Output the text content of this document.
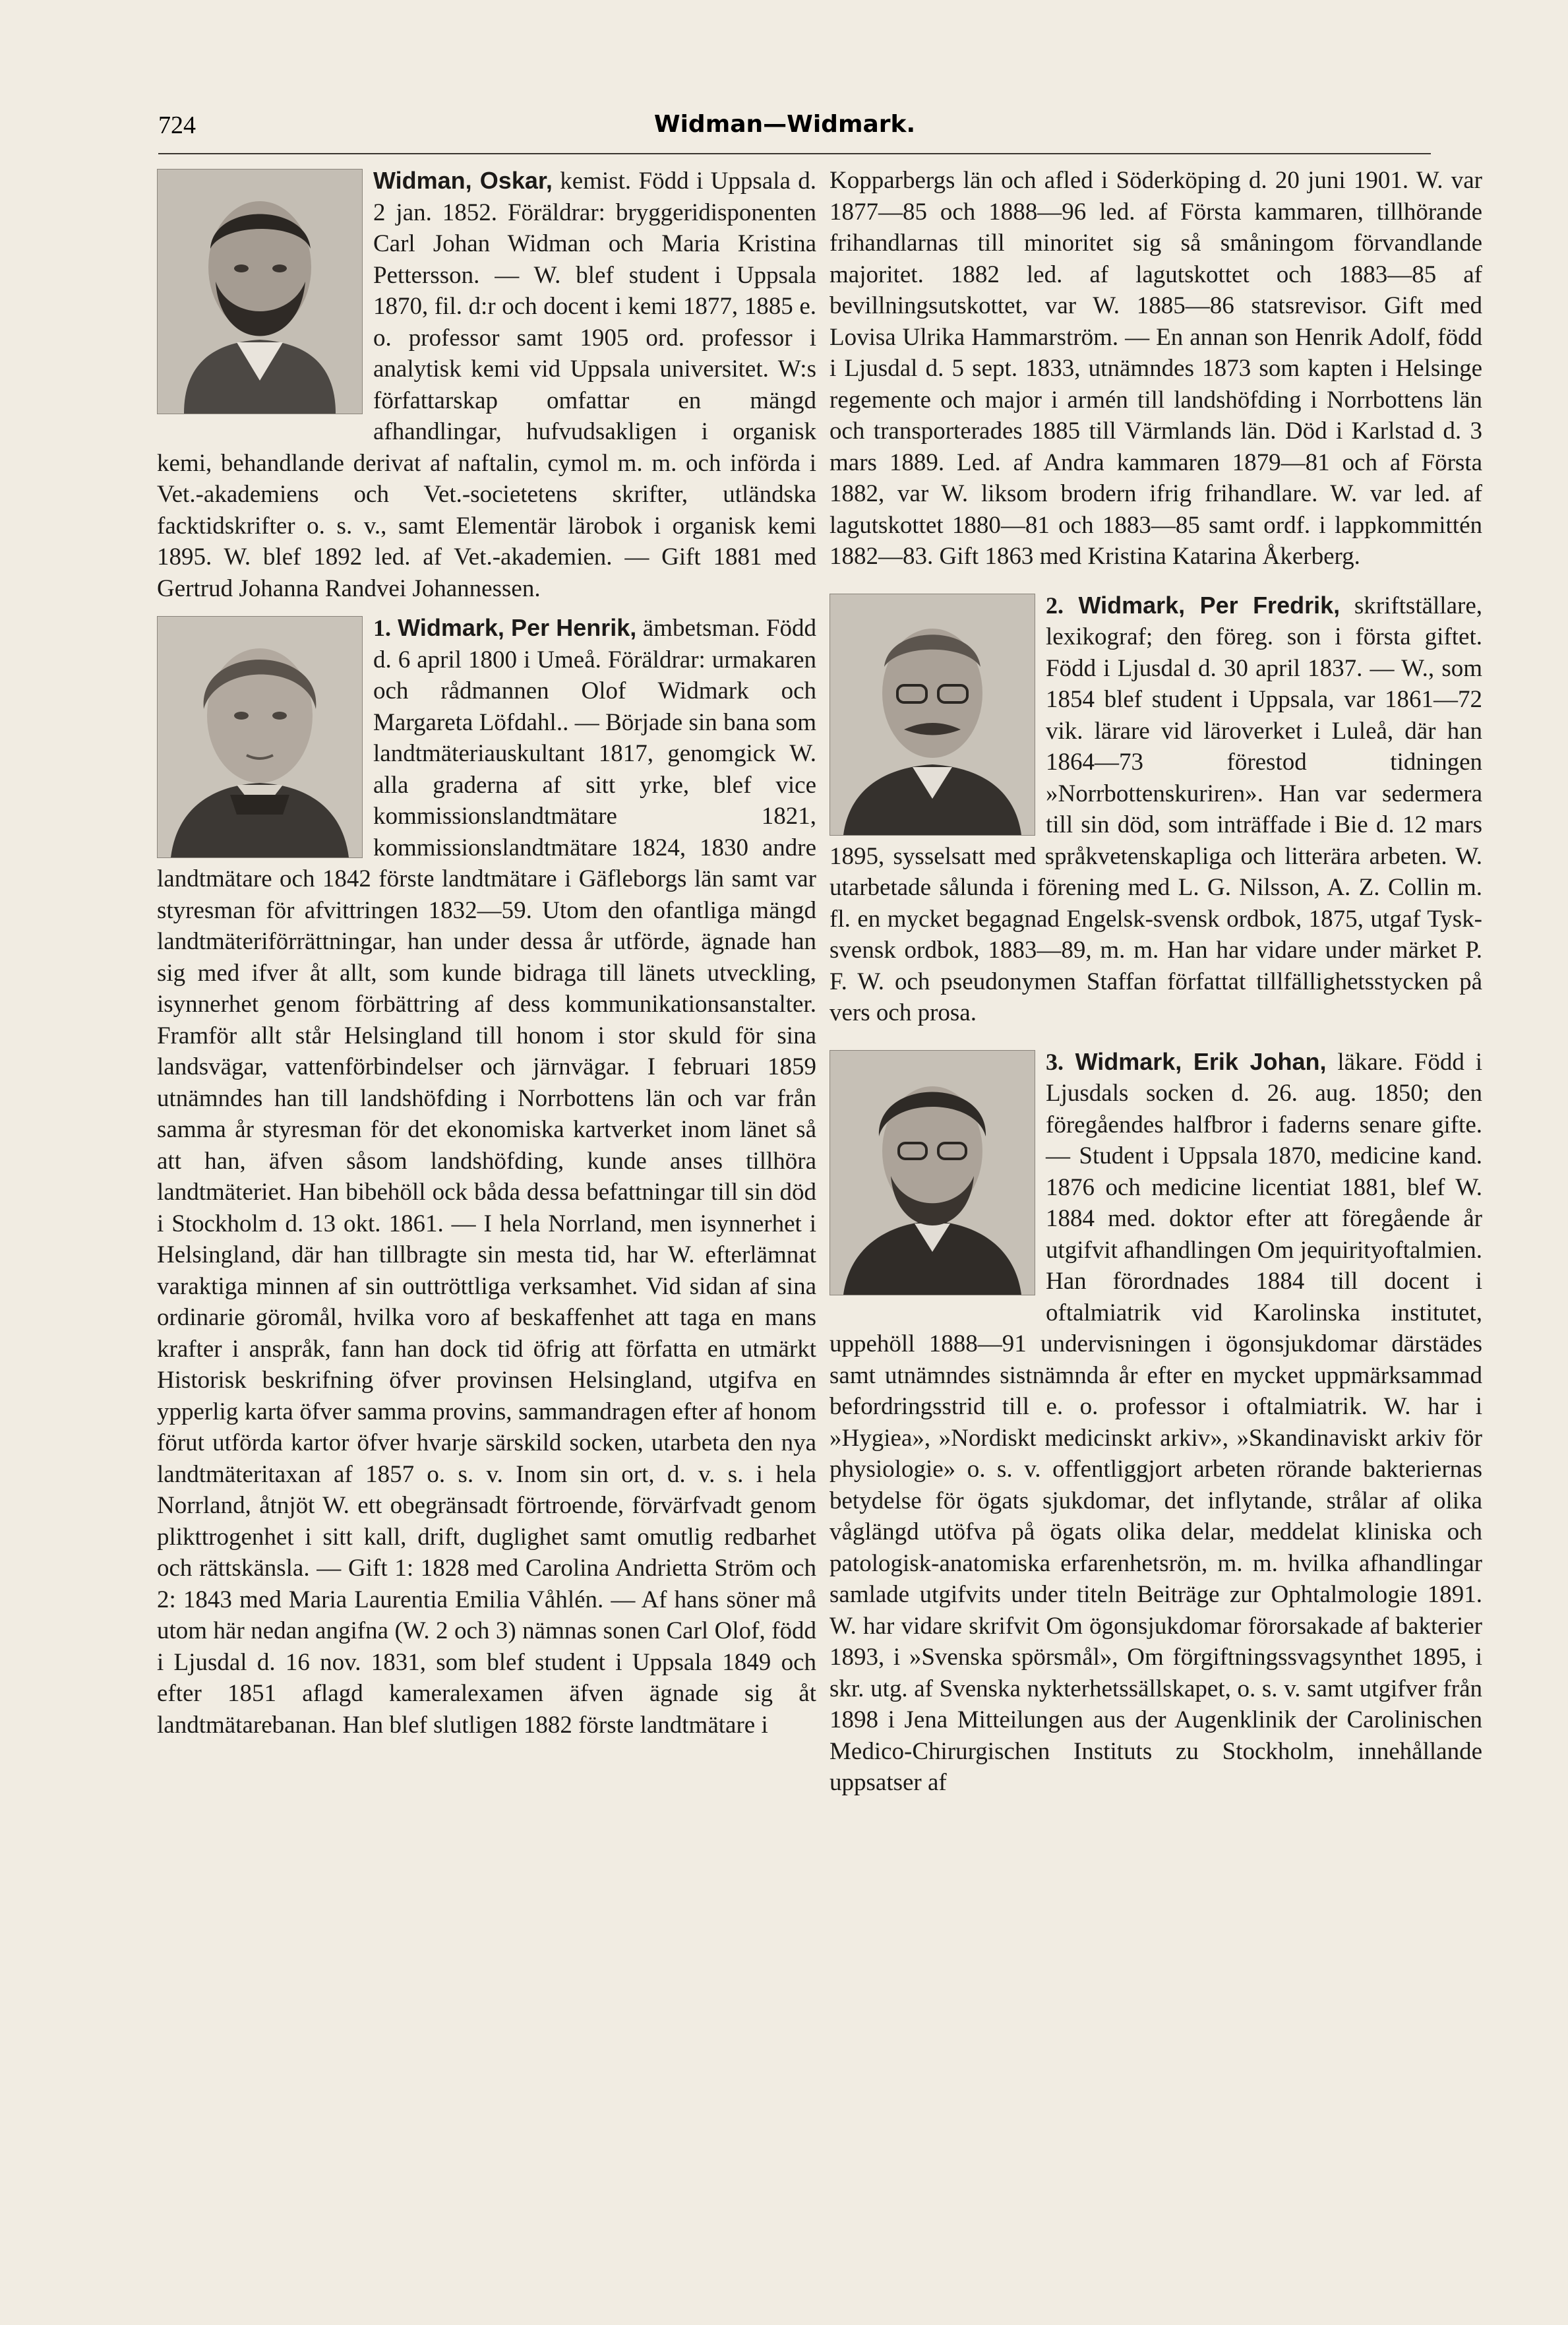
724	Widman—Widmark.

Widman, Oskar, kemist. Född i Uppsala d. 2 jan. 1852. Föräldrar: bryggeridisponenten Carl Johan Widman och Maria Kristina Pettersson. — W. blef student i Uppsala 1870, fil. d:r och docent i kemi 1877, 1885 e. o. professor samt 1905 ord. professor i analytisk kemi vid Uppsala universitet. W:s författarskap omfattar en mängd afhandlingar, hufvudsakligen i organisk kemi, behandlande derivat af naftalin, cymol m. m. och införda i Vet.-akademiens och Vet.-societetens skrifter, utländska facktidskrifter o. s. v., samt Elementär lärobok i organisk kemi 1895. W. blef 1892 led. af Vet.-akademien. — Gift 1881 med Gertrud Johanna Randvei Johannessen.

1. Widmark, Per Henrik, ämbetsman. Född d. 6 april 1800 i Umeå. Föräldrar: urmakaren och rådmannen Olof Widmark och Margareta Löfdahl.. — Började sin bana som landtmäteriauskultant 1817, genomgick W. alla graderna af sitt yrke, blef vice kommissionslandtmätare 1821, kommissionslandtmätare 1824, 1830 andre landtmätare och 1842 förste landtmätare i Gäfleborgs län samt var styresman för afvittringen 1832—59. Utom den ofantliga mängd landtmäteriförrättningar, han under dessa år utförde, ägnade han sig med ifver åt allt, som kunde bidraga till länets utveckling, isynnerhet genom förbättring af dess kommunikationsanstalter. Framför allt står Helsingland till honom i stor skuld för sina landsvägar, vattenförbindelser och järnvägar. I februari 1859 utnämndes han till landshöfding i Norrbottens län och var från samma år styresman för det ekonomiska kartverket inom länet så att han, äfven såsom landshöfding, kunde anses tillhöra landtmäteriet. Han bibehöll ock båda dessa befattningar till sin död i Stockholm d. 13 okt. 1861. — I hela Norrland, men isynnerhet i Helsingland, där han tillbragte sin mesta tid, har W. efterlämnat varaktiga minnen af sin outtröttliga verksamhet. Vid sidan af sina ordinarie göromål, hvilka voro af beskaffenhet att taga en mans krafter i anspråk, fann han dock tid öfrig att författa en utmärkt Historisk beskrifning öfver provinsen Helsingland, utgifva en ypperlig karta öfver samma provins, sammandragen efter af honom förut utförda kartor öfver hvarje särskild socken, utarbeta den nya landtmäteritaxan af 1857 o. s. v. Inom sin ort, d. v. s. i hela Norrland, åtnjöt W. ett obegränsadt förtroende, förvärfvadt genom plikttrogenhet i sitt kall, drift, duglighet samt omutlig redbarhet och rättskänsla. — Gift 1: 1828 med Carolina Andrietta Ström och 2: 1843 med Maria Laurentia Emilia Våhlén. — Af hans söner må utom här nedan angifna (W. 2 och 3) nämnas sonen Carl Olof, född i Ljusdal d. 16 nov. 1831, som blef student i Uppsala 1849 och efter 1851 aflagd kameralexamen äfven ägnade sig åt landtmätarebanan. Han blef slutligen 1882 förste landtmätare i

Kopparbergs län och afled i Söderköping d. 20 juni 1901. W. var 1877—85 och 1888—96 led. af Första kammaren, tillhörande frihandlarnas till minoritet sig så småningom förvandlande majoritet. 1882 led. af lagutskottet och 1883—85 af bevillningsutskottet, var W. 1885—86 statsrevisor. Gift med Lovisa Ulrika Hammarström. — En annan son Henrik Adolf, född i Ljusdal d. 5 sept. 1833, utnämndes 1873 som kapten i Helsinge regemente och major i armén till landshöfding i Norrbottens län och transporterades 1885 till Värmlands län. Död i Karlstad d. 3 mars 1889. Led. af Andra kammaren 1879—81 och af Första 1882, var W. liksom brodern ifrig frihandlare. W. var led. af lagutskottet 1880—81 och 1883—85 samt ordf. i lappkommittén 1882—83. Gift 1863 med Kristina Katarina Åkerberg.

2. Widmark, Per Fredrik, skriftställare, lexikograf; den föreg. son i första giftet. Född i Ljusdal d. 30 april 1837. — W., som 1854 blef student i Uppsala, var 1861—72 vik. lärare vid läroverket i Luleå, där han 1864—73 förestod tidningen »Norrbottenskuriren». Han var sedermera till sin död, som inträffade i Bie d. 12 mars 1895, sysselsatt med språkvetenskapliga och litterära arbeten. W. utarbetade sålunda i förening med L. G. Nilsson, A. Z. Collin m. fl. en mycket begagnad Engelsk-svensk ordbok, 1875, utgaf Tysk-svensk ordbok, 1883—89, m. m. Han har vidare under märket P. F. W. och pseudonymen Staffan författat tillfällighetsstycken på vers och prosa.

3. Widmark, Erik Johan, läkare. Född i Ljusdals socken d. 26. aug. 1850; den föregåendes halfbror i faderns senare gifte. — Student i Uppsala 1870, medicine kand. 1876 och medicine licentiat 1881, blef W. 1884 med. doktor efter att föregående år utgifvit afhandlingen Om jequirityoftalmien. Han förordnades 1884 till docent i oftalmiatrik vid Karolinska institutet, uppehöll 1888—91 undervisningen i ögonsjukdomar därstädes samt utnämndes sistnämnda år efter en mycket uppmärksammad befordringsstrid till e. o. professor i oftalmiatrik. W. har i »Hygiea», »Nordiskt medicinskt arkiv», »Skandinaviskt arkiv för physiologie» o. s. v. offentliggjort arbeten rörande bakteriernas betydelse för ögats sjukdomar, det inflytande, strålar af olika våglängd utöfva på ögats olika delar, meddelat kliniska och patologisk-anatomiska erfarenhetsrön, m. m. hvilka afhandlingar samlade utgifvits under titeln Beiträge zur Ophtalmologie 1891. W. har vidare skrifvit Om ögonsjukdomar förorsakade af bakterier 1893, i »Svenska spörsmål», Om förgiftningssvagsynthet 1895, i skr. utg. af Svenska nykterhetssällskapet, o. s. v. samt utgifver från 1898 i Jena Mitteilungen aus der Augenklinik der Carolinischen Medico-Chirurgischen Instituts zu Stockholm, innehållande uppsatser af
